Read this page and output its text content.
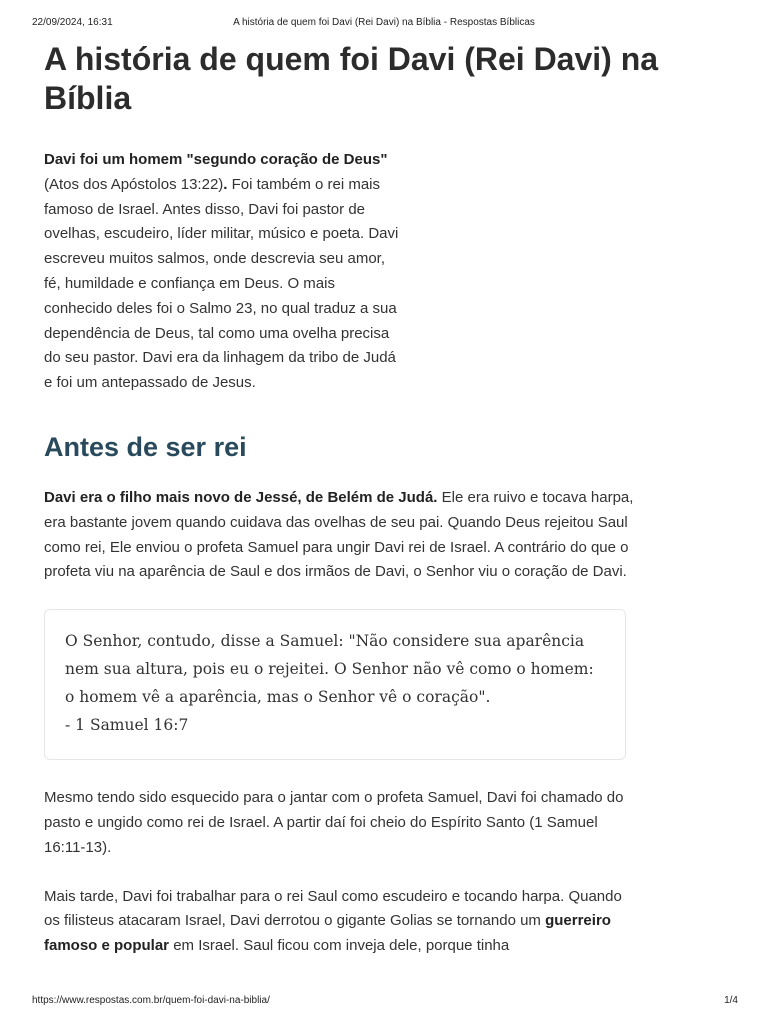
22/09/2024, 16:31	A história de quem foi Davi (Rei Davi) na Bíblia - Respostas Bíblicas
A história de quem foi Davi (Rei Davi) na Bíblia

Davi foi um homem "segundo coração de Deus" (Atos dos Apóstolos 13:22). Foi também o rei mais famoso de Israel. Antes disso, Davi foi pastor de ovelhas, escudeiro, líder militar, músico e poeta. Davi escreveu muitos salmos, onde descrevia seu amor, fé, humildade e confiança em Deus. O mais conhecido deles foi o Salmo 23, no qual traduz a sua dependência de Deus, tal como uma ovelha precisa do seu pastor. Davi era da linhagem da tribo de Judá e foi um antepassado de Jesus.

Antes de ser rei

Davi era o filho mais novo de Jessé, de Belém de Judá. Ele era ruivo e tocava harpa, era bastante jovem quando cuidava das ovelhas de seu pai. Quando Deus rejeitou Saul como rei, Ele enviou o profeta Samuel para ungir Davi rei de Israel. A contrário do que o profeta viu na aparência de Saul e dos irmãos de Davi, o Senhor viu o coração de Davi.

O Senhor, contudo, disse a Samuel: "Não considere sua aparência nem sua altura, pois eu o rejeitei. O Senhor não vê como o homem: o homem vê a aparência, mas o Senhor vê o coração".
- 1 Samuel 16:7

Mesmo tendo sido esquecido para o jantar com o profeta Samuel, Davi foi chamado do pasto e ungido como rei de Israel. A partir daí foi cheio do Espírito Santo (1 Samuel 16:11-13).

Mais tarde, Davi foi trabalhar para o rei Saul como escudeiro e tocando harpa. Quando os filisteus atacaram Israel, Davi derrotou o gigante Golias se tornando um guerreiro famoso e popular em Israel. Saul ficou com inveja dele, porque tinha

https://www.respostas.com.br/quem-foi-davi-na-biblia/	1/4
